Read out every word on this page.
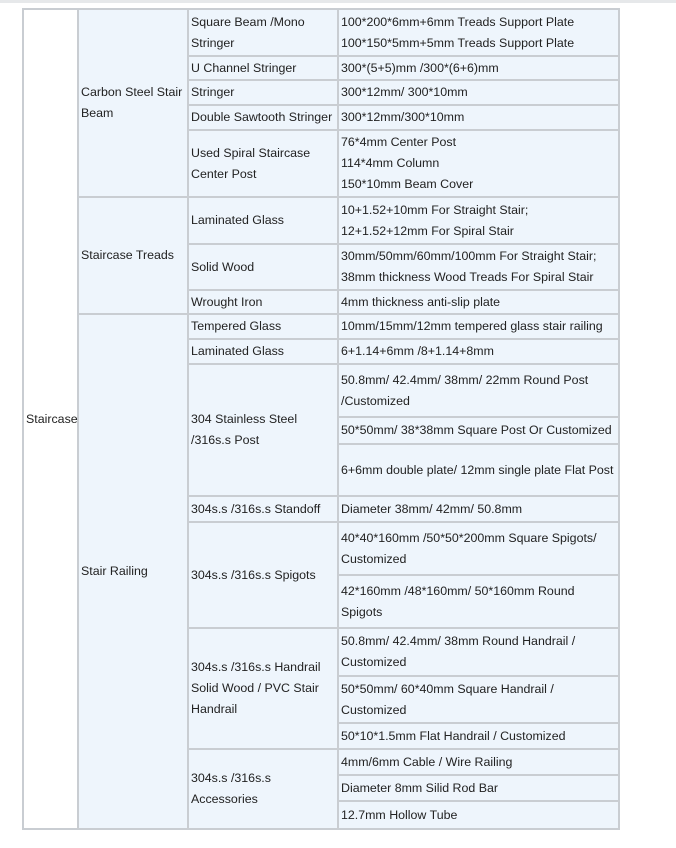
Staircase	Carbon Steel Stair Beam	Square Beam /Mono Stringer	100*200*6mm+6mm Treads Support Plate
100*150*5mm+5mm Treads Support Plate
		U Channel Stringer	300*(5+5)mm /300*(6+6)mm
		Stringer	300*12mm/ 300*10mm
		Double Sawtooth Stringer	300*12mm/300*10mm
		Used Spiral Staircase Center Post	76*4mm Center Post
114*4mm Column
150*10mm Beam Cover
	Staircase Treads	Laminated Glass	10+1.52+10mm For Straight Stair;
12+1.52+12mm For Spiral Stair
		Solid Wood	30mm/50mm/60mm/100mm For Straight Stair;
38mm thickness Wood Treads For Spiral Stair
		Wrought Iron	4mm thickness anti-slip plate
	Stair Railing	Tempered Glass	10mm/15mm/12mm tempered glass stair railing
		Laminated Glass	6+1.14+6mm /8+1.14+8mm
		304 Stainless Steel /316s.s Post	50.8mm/ 42.4mm/ 38mm/ 22mm Round Post /Customized
			50*50mm/ 38*38mm Square Post Or Customized
			6+6mm double plate/ 12mm single plate Flat Post
		304s.s /316s.s Standoff	Diameter 38mm/ 42mm/ 50.8mm
		304s.s /316s.s Spigots	40*40*160mm /50*50*200mm Square Spigots/ Customized
			42*160mm /48*160mm/ 50*160mm Round Spigots
		304s.s /316s.s Handrail Solid Wood / PVC Stair Handrail	50.8mm/ 42.4mm/ 38mm Round Handrail / Customized
			50*50mm/ 60*40mm Square Handrail / Customized
			50*10*1.5mm Flat Handrail / Customized
		304s.s /316s.s Accessories	4mm/6mm Cable / Wire Railing
			Diameter 8mm Silid Rod Bar
			12.7mm Hollow Tube
